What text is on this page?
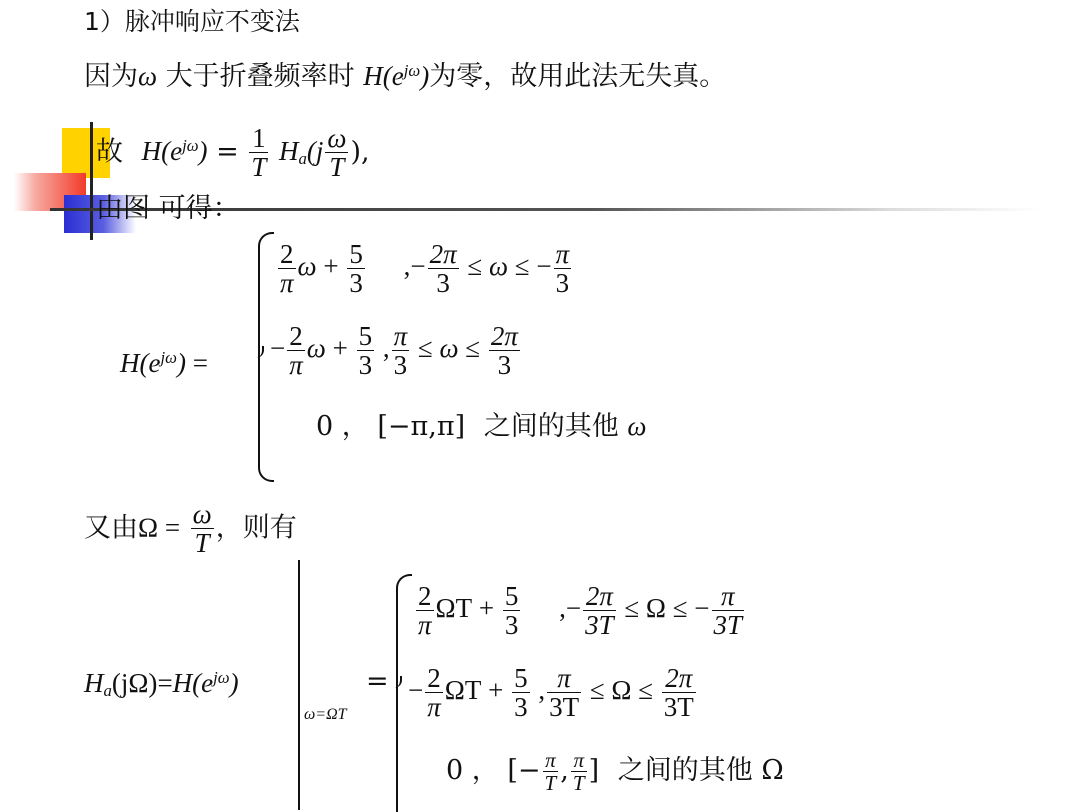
1）脉冲响应不变法
因为ω 大于折叠频率时 $H(e^{j\omega})$为零，故用此法无失真。
故 $H(e^{j\omega}) = \frac{1}{T} H_a(j \frac{\omega}{T}$ ),
由图 可得：
$H(e^{j\omega})$ =
$\frac{2}{\pi}$ $\omega + \frac{5}{3}$ ,− $\frac{2\pi}{3} \le \omega$ ≤ − $\frac{\pi}{3}$
− $\frac{2}{\pi}$ $\omega + \frac{5}{3}$ , $\frac{\pi}{3} \le \omega \le \frac{2\pi}{3}$
0 ， [−π,π] 之间的其他 ω
又由$\Omega = \frac{\omega}{T}$ ，则有
$H_a(j\Omega)=H(e^{j\omega})$
ω=ΩT
=
$\frac{2}{\pi}$ $\Omega T + \frac{5}{3}$ ,− $\frac{2\pi}{3T} \le \Omega$ ≤ − $\frac{\pi}{3T}$
− $\frac{2}{\pi}$ $\Omega T + \frac{5}{3}$ , $\frac{\pi}{3T} \le \Omega \le \frac{2\pi}{3T}$
0 ， [− $\frac{\pi}{T}$ , $\frac{\pi}{T}$ ] 之间的其他 Ω
